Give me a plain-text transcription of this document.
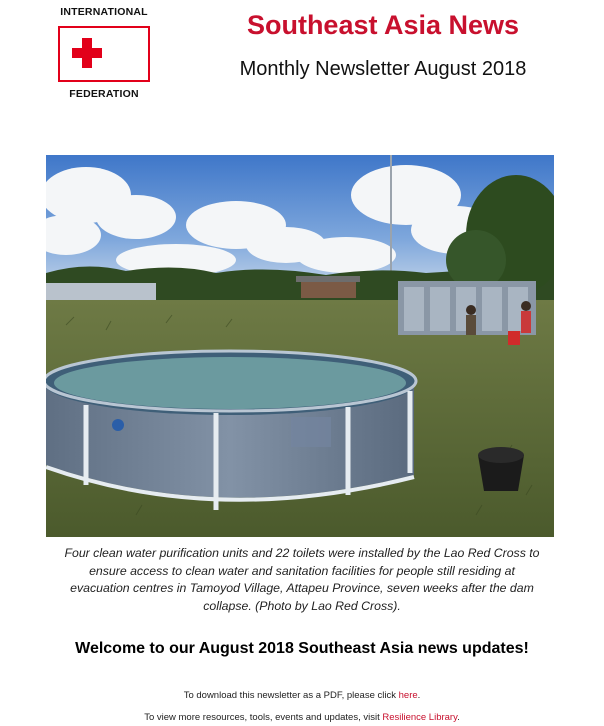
INTERNATIONAL
FEDERATION
Southeast Asia News
Monthly Newsletter August 2018
Four clean water purification units and 22 toilets were installed by the Lao Red Cross to ensure access to clean water and sanitation facilities for people still residing at evacuation centres in Tamoyod Village, Attapeu Province, seven weeks after the dam collapse. (Photo by Lao Red Cross).
Welcome to our August 2018 Southeast Asia news updates!
To download this newsletter as a PDF, please click here.
To view more resources, tools, events and updates, visit Resilience Library.
